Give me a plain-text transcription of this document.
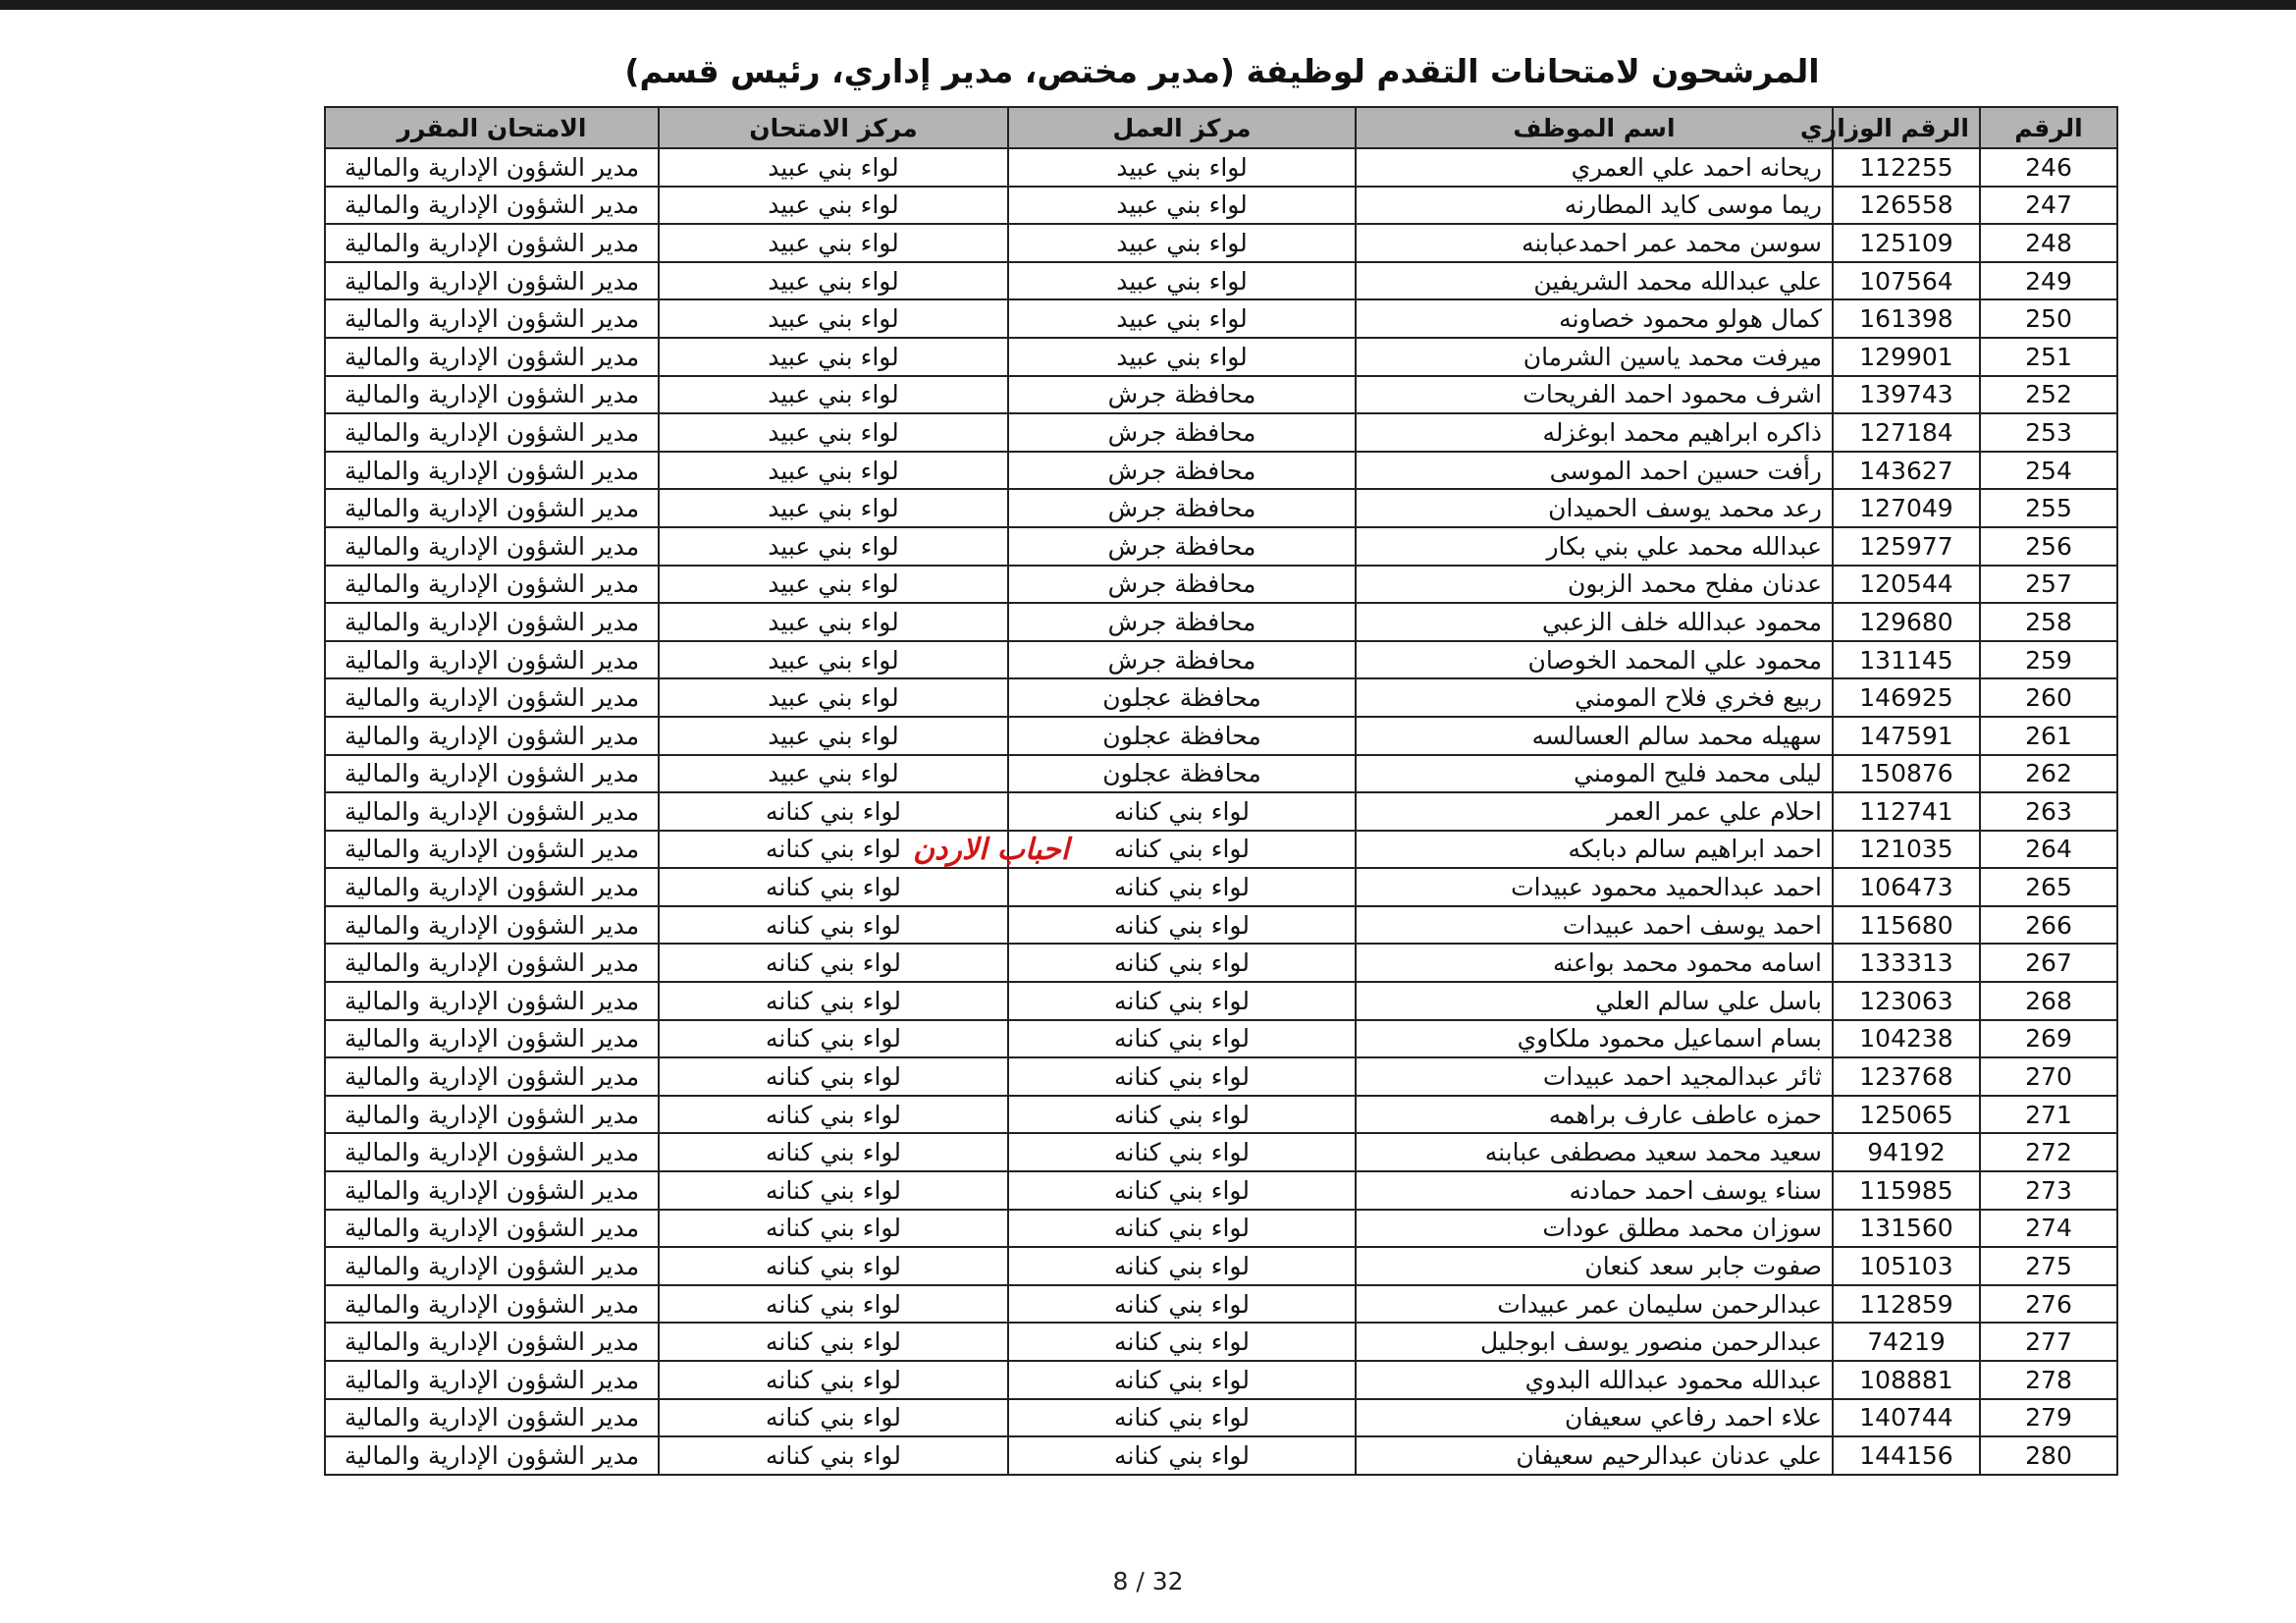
المرشحون لامتحانات التقدم لوظيفة (مدير مختص، مدير إداري، رئيس قسم)
الرقم	الرقم الوزاري	اسم الموظف	مركز العمل	مركز الامتحان	الامتحان المقرر
246	112255	ريحانه احمد علي العمري	لواء بني عبيد	لواء بني عبيد	مدير الشؤون الإدارية والمالية
247	126558	ريما موسى كايد المطارنه	لواء بني عبيد	لواء بني عبيد	مدير الشؤون الإدارية والمالية
248	125109	سوسن محمد عمر احمدعبابنه	لواء بني عبيد	لواء بني عبيد	مدير الشؤون الإدارية والمالية
249	107564	علي عبدالله محمد الشريفين	لواء بني عبيد	لواء بني عبيد	مدير الشؤون الإدارية والمالية
250	161398	كمال هولو محمود خصاونه	لواء بني عبيد	لواء بني عبيد	مدير الشؤون الإدارية والمالية
251	129901	ميرفت محمد ياسين الشرمان	لواء بني عبيد	لواء بني عبيد	مدير الشؤون الإدارية والمالية
252	139743	اشرف محمود احمد الفريحات	محافظة جرش	لواء بني عبيد	مدير الشؤون الإدارية والمالية
253	127184	ذاكره ابراهيم محمد ابوغزله	محافظة جرش	لواء بني عبيد	مدير الشؤون الإدارية والمالية
254	143627	رأفت حسين احمد الموسى	محافظة جرش	لواء بني عبيد	مدير الشؤون الإدارية والمالية
255	127049	رعد محمد يوسف الحميدان	محافظة جرش	لواء بني عبيد	مدير الشؤون الإدارية والمالية
256	125977	عبدالله محمد علي بني بكار	محافظة جرش	لواء بني عبيد	مدير الشؤون الإدارية والمالية
257	120544	عدنان مفلح محمد الزبون	محافظة جرش	لواء بني عبيد	مدير الشؤون الإدارية والمالية
258	129680	محمود عبدالله خلف الزعبي	محافظة جرش	لواء بني عبيد	مدير الشؤون الإدارية والمالية
259	131145	محمود علي المحمد الخوصان	محافظة جرش	لواء بني عبيد	مدير الشؤون الإدارية والمالية
260	146925	ربيع فخري فلاح المومني	محافظة عجلون	لواء بني عبيد	مدير الشؤون الإدارية والمالية
261	147591	سهيله محمد سالم العسالسه	محافظة عجلون	لواء بني عبيد	مدير الشؤون الإدارية والمالية
262	150876	ليلى محمد فليح المومني	محافظة عجلون	لواء بني عبيد	مدير الشؤون الإدارية والمالية
263	112741	احلام علي عمر العمر	لواء بني كنانه	لواء بني كنانه	مدير الشؤون الإدارية والمالية
264	121035	احمد ابراهيم سالم دبابكه	لواء بني كنانه	لواء بني كنانه	مدير الشؤون الإدارية والمالية
265	106473	احمد عبدالحميد محمود عبيدات	لواء بني كنانه	لواء بني كنانه	مدير الشؤون الإدارية والمالية
266	115680	احمد يوسف احمد عبيدات	لواء بني كنانه	لواء بني كنانه	مدير الشؤون الإدارية والمالية
267	133313	اسامه محمود محمد بواعنه	لواء بني كنانه	لواء بني كنانه	مدير الشؤون الإدارية والمالية
268	123063	باسل علي سالم العلي	لواء بني كنانه	لواء بني كنانه	مدير الشؤون الإدارية والمالية
269	104238	بسام اسماعيل محمود ملكاوي	لواء بني كنانه	لواء بني كنانه	مدير الشؤون الإدارية والمالية
270	123768	ثائر عبدالمجيد احمد عبيدات	لواء بني كنانه	لواء بني كنانه	مدير الشؤون الإدارية والمالية
271	125065	حمزه عاطف عارف براهمه	لواء بني كنانه	لواء بني كنانه	مدير الشؤون الإدارية والمالية
272	94192	سعيد محمد سعيد مصطفى عبابنه	لواء بني كنانه	لواء بني كنانه	مدير الشؤون الإدارية والمالية
273	115985	سناء يوسف احمد حمادنه	لواء بني كنانه	لواء بني كنانه	مدير الشؤون الإدارية والمالية
274	131560	سوزان محمد مطلق عودات	لواء بني كنانه	لواء بني كنانه	مدير الشؤون الإدارية والمالية
275	105103	صفوت جابر سعد كنعان	لواء بني كنانه	لواء بني كنانه	مدير الشؤون الإدارية والمالية
276	112859	عبدالرحمن سليمان عمر عبيدات	لواء بني كنانه	لواء بني كنانه	مدير الشؤون الإدارية والمالية
277	74219	عبدالرحمن منصور يوسف ابوجليل	لواء بني كنانه	لواء بني كنانه	مدير الشؤون الإدارية والمالية
278	108881	عبدالله محمود عبدالله البدوي	لواء بني كنانه	لواء بني كنانه	مدير الشؤون الإدارية والمالية
279	140744	علاء احمد رفاعي سعيفان	لواء بني كنانه	لواء بني كنانه	مدير الشؤون الإدارية والمالية
280	144156	علي عدنان عبدالرحيم سعيفان	لواء بني كنانه	لواء بني كنانه	مدير الشؤون الإدارية والمالية
احباب الاردن
8 / 32
